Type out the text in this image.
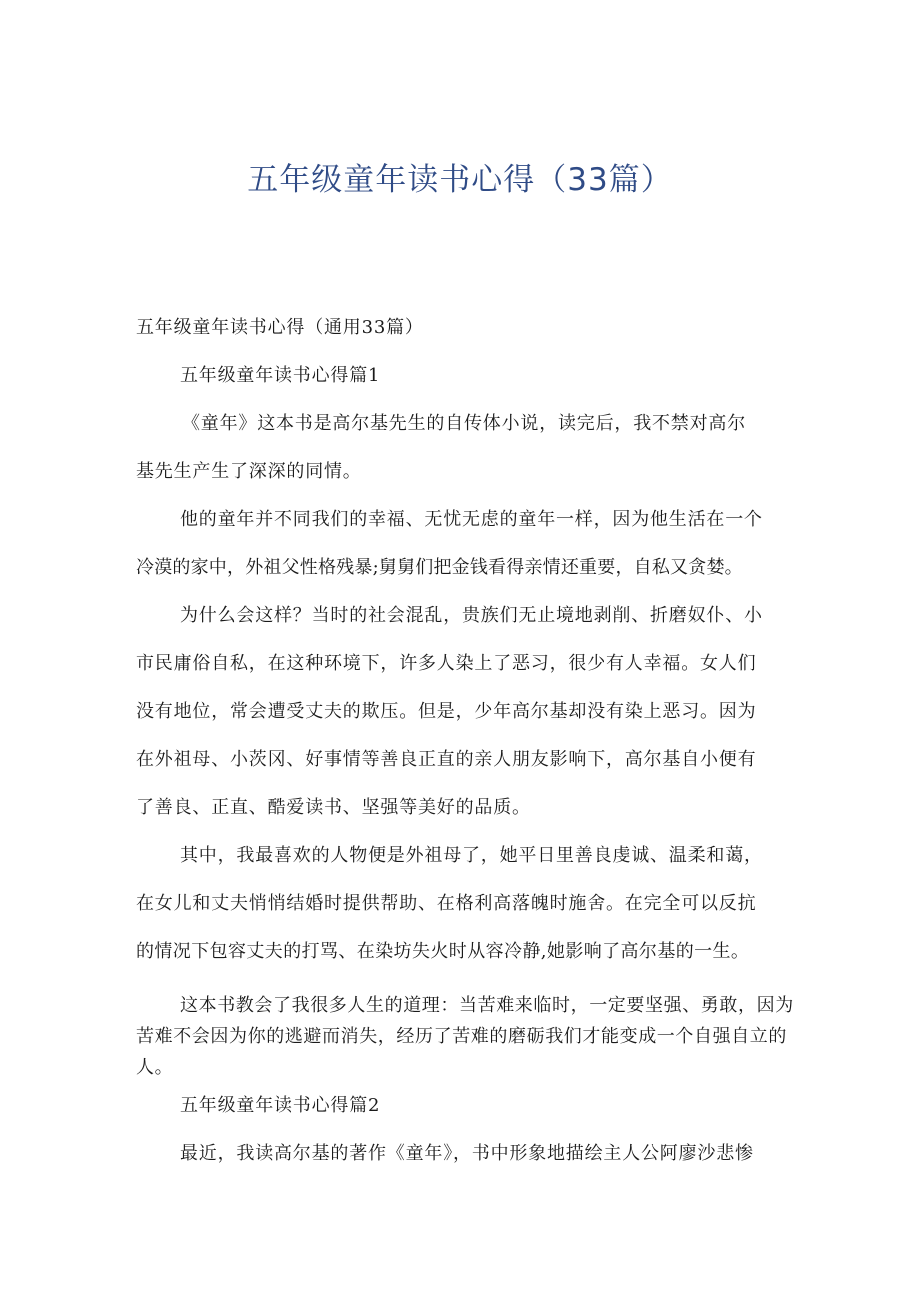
五年级童年读书心得（33篇）
五年级童年读书心得（通用33篇）
五年级童年读书心得篇1
《童年》这本书是高尔基先生的自传体小说，读完后，我不禁对高尔
基先生产生了深深的同情。
他的童年并不同我们的幸福、无忧无虑的童年一样，因为他生活在一个
冷漠的家中，外祖父性格残暴;舅舅们把金钱看得亲情还重要，自私又贪婪。
为什么会这样？当时的社会混乱，贵族们无止境地剥削、折磨奴仆、小
市民庸俗自私，在这种环境下，许多人染上了恶习，很少有人幸福。女人们
没有地位，常会遭受丈夫的欺压。但是，少年高尔基却没有染上恶习。因为
在外祖母、小茨冈、好事情等善良正直的亲人朋友影响下，高尔基自小便有
了善良、正直、酷爱读书、坚强等美好的品质。
其中，我最喜欢的人物便是外祖母了，她平日里善良虔诚、温柔和蔼，
在女儿和丈夫悄悄结婚时提供帮助、在格利高落魄时施舍。在完全可以反抗
的情况下包容丈夫的打骂、在染坊失火时从容冷静,她影响了高尔基的一生。

这本书教会了我很多人生的道理：当苦难来临时，一定要坚强、勇敢，因为苦难不会因为你的逃避而消失，经历了苦难的磨砺我们才能变成一个自强自立的人。

五年级童年读书心得篇2
最近，我读高尔基的著作《童年》，书中形象地描绘主人公阿廖沙悲惨
